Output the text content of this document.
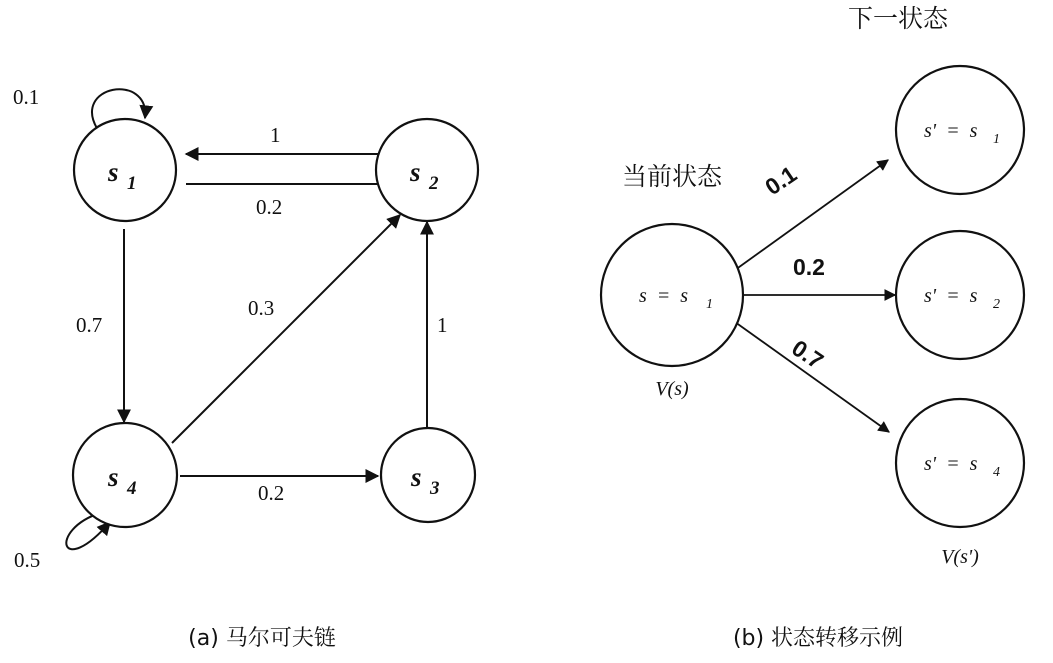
s 1	s 2
s 3
s 4
0.1
1
0.2
0.7
0.3
1
0.2
0.5
下一状态
当前状态
s = s 1
s' = s 1
s' = s 2
s' = s 4
0.1
0.2
0.7
V(s)
V(s')
(a) 马尔可夫链	(b) 状态转移示例
